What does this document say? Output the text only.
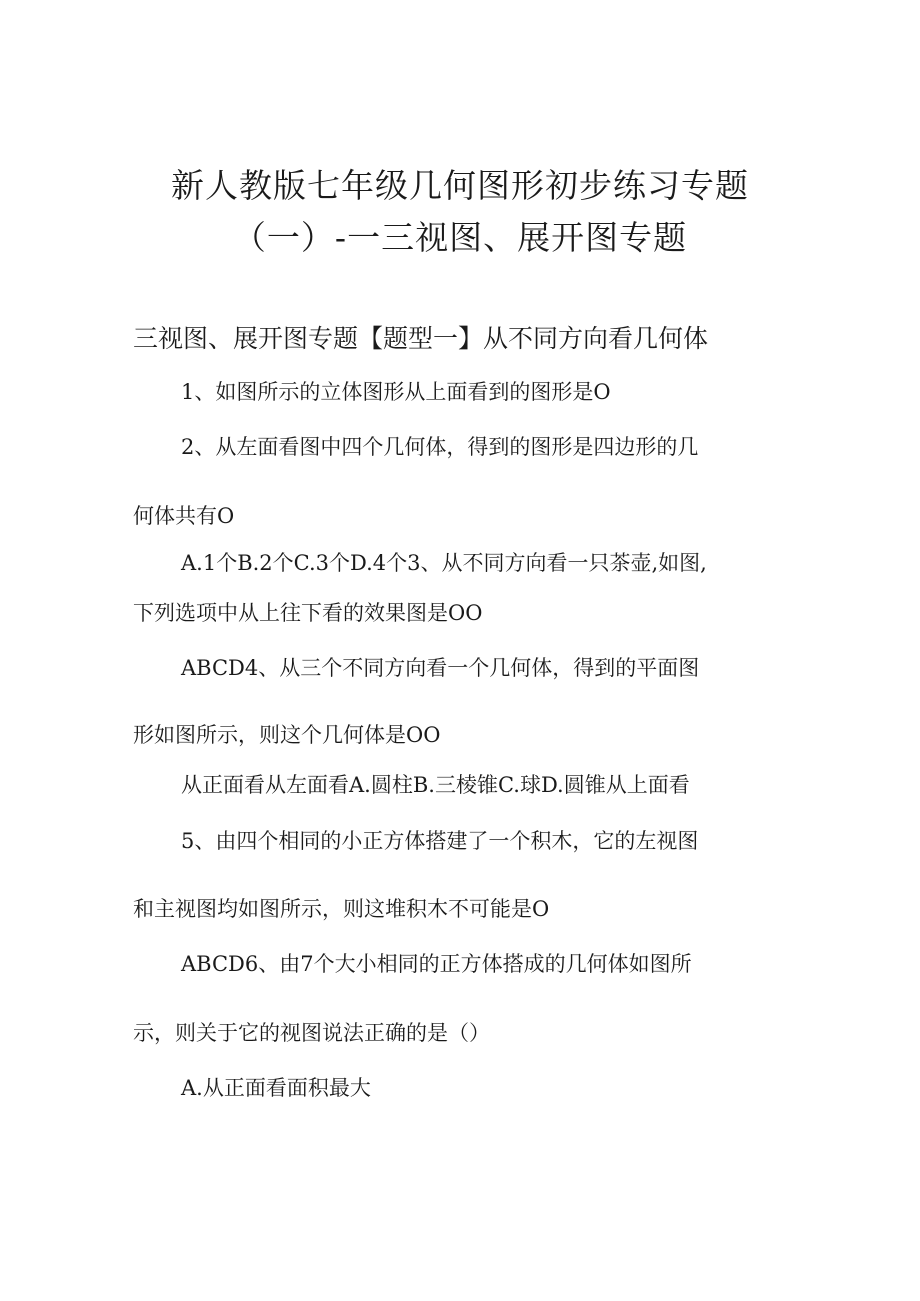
新人教版七年级几何图形初步练习专题
（一）-一三视图、展开图专题
三视图、展开图专题【题型一】从不同方向看几何体
1、如图所示的立体图形从上面看到的图形是O
2、从左面看图中四个几何体，得到的图形是四边形的几
何体共有O
A.1个B.2个C.3个D.4个3、从不同方向看一只茶壶,如图,
下列选项中从上往下看的效果图是OO
ABCD4、从三个不同方向看一个几何体，得到的平面图
形如图所示，则这个几何体是OO
从正面看从左面看A.圆柱B.三棱锥C.球D.圆锥从上面看
5、由四个相同的小正方体搭建了一个积木，它的左视图
和主视图均如图所示，则这堆积木不可能是O
ABCD6、由7个大小相同的正方体搭成的几何体如图所
示，则关于它的视图说法正确的是（）
A.从正面看面积最大
